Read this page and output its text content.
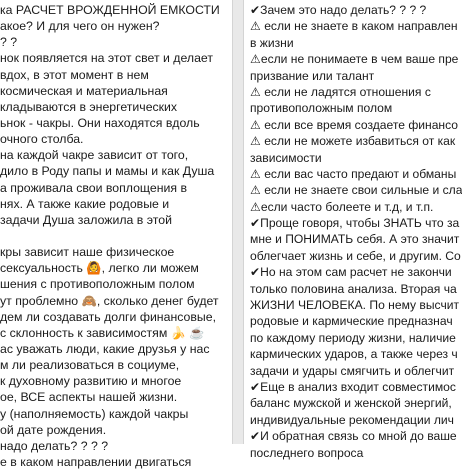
ка РАСЧЕТ ВРОЖДЕННОЙ ЕМКОСТИ
акое? И для чего он нужен?
? ?
нок появляется на этот свет и делает
вдох, в этот момент в нем
космическая и материальная
кладываются в энергетических
ьнок - чакры. Они находятся вдоль
очного столба.
на каждой чакре зависит от того,
дило в Роду папы и мамы и как Душа
а проживала свои воплощения в
нях. А также какие родовые и
задачи Душа заложила в этой
кры зависит наше физическое
сексуальность 🙆, легко ли можем
шения с противоположным полом
ут проблемно 🙈, сколько денег будет
дем ли создавать долги финансовые,
с склонность к зависимостям 🍌 ☕
ас уважать люди, какие друзья у нас
м ли реализоваться в социуме,
к духовному развитию и многое
ое, ВСЕ аспекты нашей жизни.
у (наполняемость) каждой чакры
ой дате рождения.
надо делать? ? ? ?
е в каком направлении двигаться
✔Зачем это надо делать? ? ? ?
⚠ если не знаете в каком направлен
в жизни
⚠если не понимаете в чем ваше пре
призвание или талант
⚠ если не ладятся отношения с
противоположным полом
⚠ если все время создаете финансо
⚠ если не можете избавиться от как
зависимости
⚠ если вас часто предают и обманы
⚠ если не знаете свои сильные и сла
⚠если часто болеете и т.д, и т.п.
✔Проще говоря, чтобы ЗНАТЬ что за
мне и ПОНИМАТЬ себя. А это значит
облегчает жизнь и себе, и другим. Со
✔Но на этом сам расчет не закончи
только половина анализа. Вторая ча
ЖИЗНИ ЧЕЛОВЕКА. По нему высчит
родовые и кармические предназнач
по каждому периоду жизни, наличие
кармических ударов, а также через ч
задачи и удары смягчить и облегчит
✔Еще в анализ входит совместимос
баланс мужской и женской энергий,
индивидуальные рекомендации лич
✔И обратная связь со мной до ваше
последнего вопроса
